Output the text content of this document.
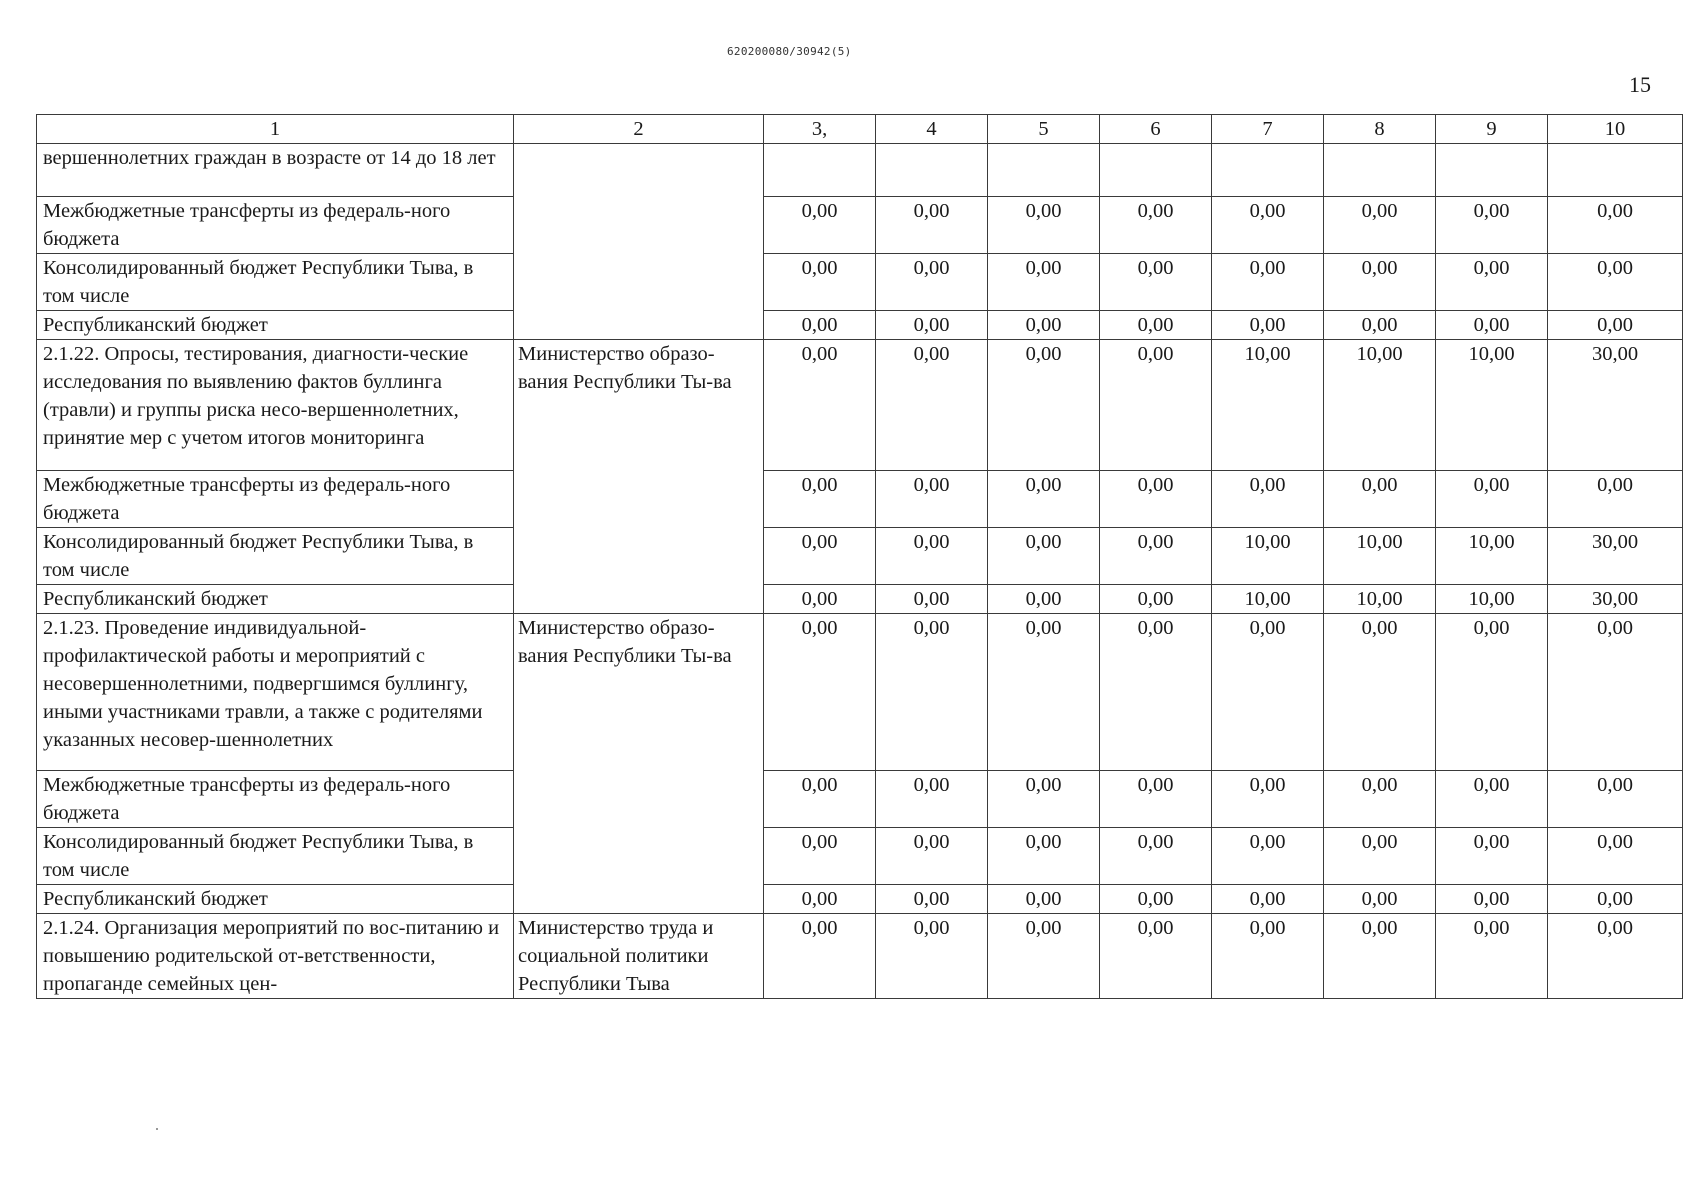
620200080/30942(5)
15
1	2	3,	4	5	6	7	8	9	10
вершеннолетних граждан в возрасте от 14 до 18 лет									
Межбюджетные трансферты из федераль-ного бюджета		0,00	0,00	0,00	0,00	0,00	0,00	0,00	0,00
Консолидированный бюджет Республики Тыва, в том числе		0,00	0,00	0,00	0,00	0,00	0,00	0,00	0,00
Республиканский бюджет		0,00	0,00	0,00	0,00	0,00	0,00	0,00	0,00
2.1.22. Опросы, тестирования, диагности-ческие исследования по выявлению фактов буллинга (травли) и группы риска несо-вершеннолетних, принятие мер с учетом итогов мониторинга	Министерство образо-вания Республики Ты-ва	0,00	0,00	0,00	0,00	10,00	10,00	10,00	30,00
Межбюджетные трансферты из федераль-ного бюджета		0,00	0,00	0,00	0,00	0,00	0,00	0,00	0,00
Консолидированный бюджет Республики Тыва, в том числе		0,00	0,00	0,00	0,00	10,00	10,00	10,00	30,00
Республиканский бюджет		0,00	0,00	0,00	0,00	10,00	10,00	10,00	30,00
2.1.23. Проведение индивидуальной-профилактической работы и мероприятий с несовершеннолетними, подвергшимся буллингу, иными участниками травли, а также с родителями указанных несовер-шеннолетних	Министерство образо-вания Республики Ты-ва	0,00	0,00	0,00	0,00	0,00	0,00	0,00	0,00
Межбюджетные трансферты из федераль-ного бюджета		0,00	0,00	0,00	0,00	0,00	0,00	0,00	0,00
Консолидированный бюджет Республики Тыва, в том числе		0,00	0,00	0,00	0,00	0,00	0,00	0,00	0,00
Республиканский бюджет		0,00	0,00	0,00	0,00	0,00	0,00	0,00	0,00
2.1.24. Организация мероприятий по вос-питанию и повышению родительской от-ветственности, пропаганде семейных цен-	Министерство труда и социальной политики Республики Тыва	0,00	0,00	0,00	0,00	0,00	0,00	0,00	0,00
